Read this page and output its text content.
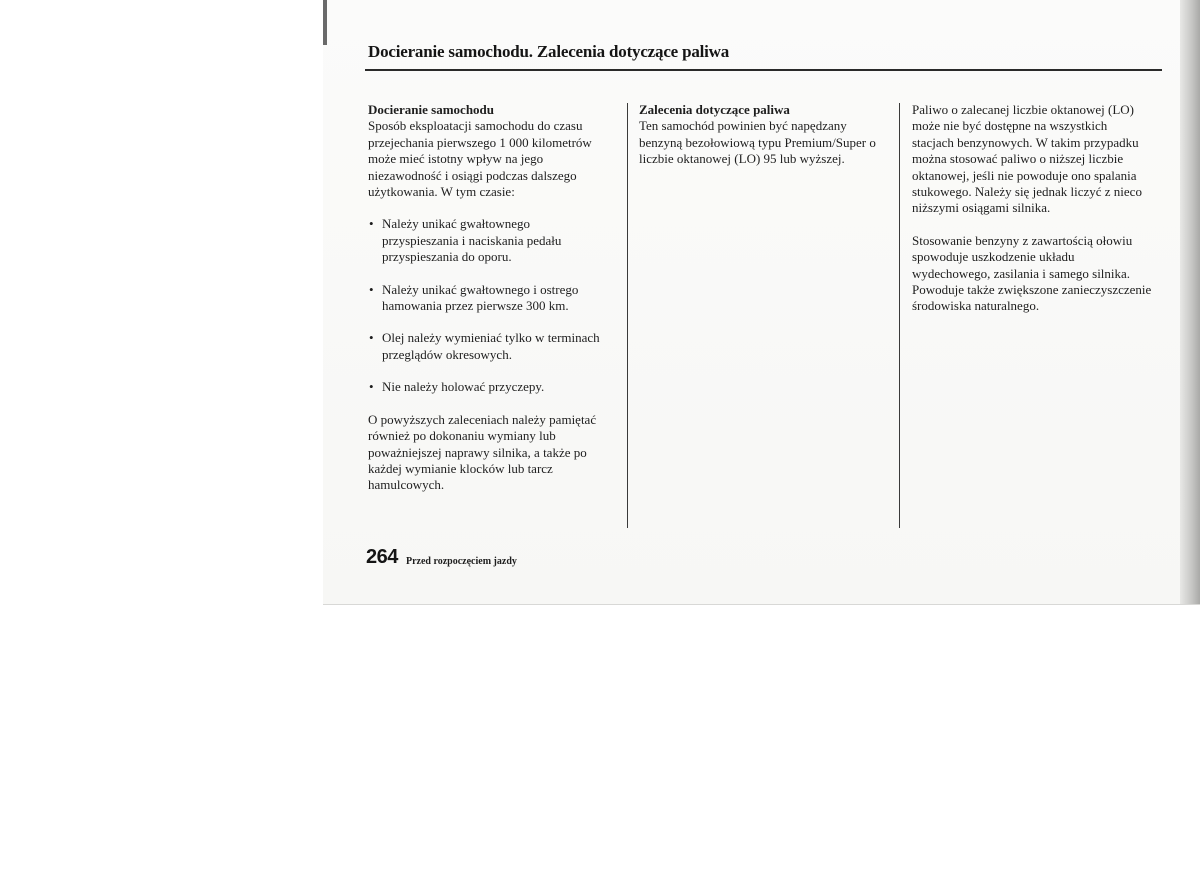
Docieranie samochodu. Zalecenia dotyczące paliwa
Docieranie samochodu

Sposób eksploatacji samochodu do czasu
przejechania pierwszego 1 000 kilometrów
może mieć istotny wpływ na jego
niezawodność i osiągi podczas dalszego
użytkowania. W tym czasie:

• Należy unikać gwałtownego
przyspieszania i naciskania pedału
przyspieszania do oporu.

• Należy unikać gwałtownego i ostrego
hamowania przez pierwsze 300 km.

• Olej należy wymieniać tylko w terminach
przeglądów okresowych.

• Nie należy holować przyczepy.

O powyższych zaleceniach należy pamiętać
również po dokonaniu wymiany lub
poważniejszej naprawy silnika, a także po
każdej wymianie klocków lub tarcz
hamulcowych.

Zalecenia dotyczące paliwa

Ten samochód powinien być napędzany
benzyną bezołowiową typu Premium/Super o
liczbie oktanowej (LO) 95 lub wyższej.

Paliwo o zalecanej liczbie oktanowej (LO)
może nie być dostępne na wszystkich
stacjach benzynowych. W takim przypadku
można stosować paliwo o niższej liczbie
oktanowej, jeśli nie powoduje ono spalania
stukowego. Należy się jednak liczyć z nieco
niższymi osiągami silnika.

Stosowanie benzyny z zawartością ołowiu
spowoduje uszkodzenie układu
wydechowego, zasilania i samego silnika.
Powoduje także zwiększone zanieczyszczenie
środowiska naturalnego.

264 Przed rozpoczęciem jazdy
